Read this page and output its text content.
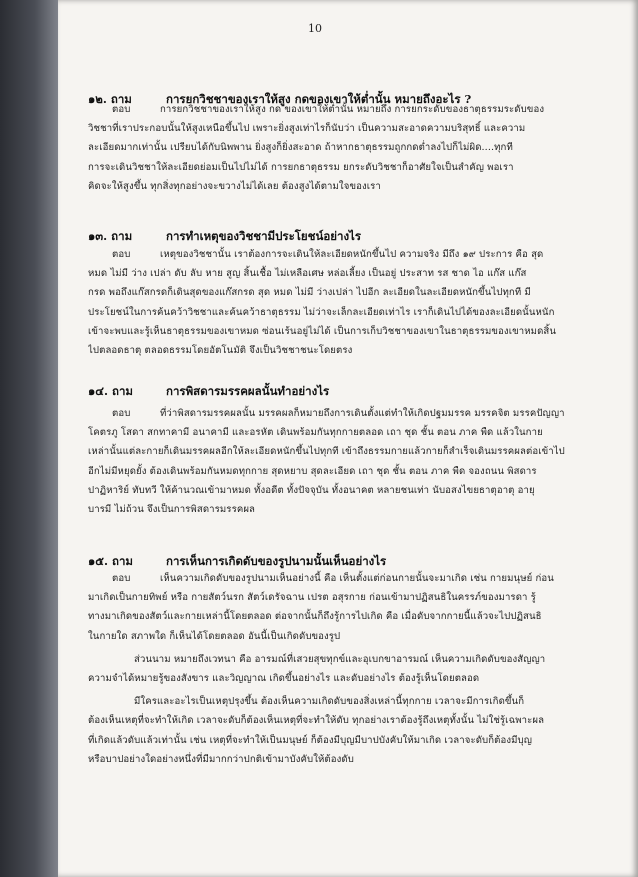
10
๑๒. ถาม	การยกวิชชาของเราให้สูง กดของเขาให้ต่ำนั้น หมายถึงอะไร ?
ตอบ	การยกวิชชาของเราให้สูง กด ของเขาให้ต่ำนั้น หมายถึง การยกระดับของธาตุธรรมระดับของ
วิชชาที่เราประกอบนั้นให้สูงเหนือขึ้นไป เพราะยิ่งสูงเท่าไรก็นับว่า เป็นความสะอาดความบริสุทธิ์ และความ
ละเอียดมากเท่านั้น เปรียบได้กับนิพพาน ยิ่งสูงก็ยิ่งสะอาด ถ้าหากธาตุธรรมถูกกดต่ำลงไปก็ไม่ผิด....ทุกที
การจะเดินวิชชาให้ละเอียดย่อมเป็นไปไม่ได้ การยกธาตุธรรม ยกระดับวิชชาก็อาศัยใจเป็นสำคัญ พอเรา
คิดจะให้สูงขึ้น ทุกสิ่งทุกอย่างจะขวางไม่ได้เลย ต้องสูงได้ตามใจของเรา
๑๓. ถาม	การทำเหตุของวิชชามีประโยชน์อย่างไร
ตอบ	เหตุของวิชชานั้น เราต้องการจะเดินให้ละเอียดหนักขึ้นไป ความจริง มีถึง ๑๙ ประการ คือ สุด
หมด ไม่มี ว่าง เปล่า ดับ ลับ หาย สูญ สิ้นเชื้อ ไม่เหลือเศษ หล่อเลี้ยง เป็นอยู่ ประสาท รส ชาด ไอ แก๊ส แก๊ส
กรด พอถึงแก๊สกรดก็เดินสุดของแก๊สกรด สุด หมด ไม่มี ว่างเปล่า ไปอีก ละเอียดในละเอียดหนักขึ้นไปทุกที มี
ประโยชน์ในการค้นคว้าวิชชาและค้นคว้าธาตุธรรม ไม่ว่าจะเล็กละเอียดเท่าไร เราก็เดินไปได้ของละเอียดนั้นหนัก
เข้าจะพบและรู้เห็นธาตุธรรมของเขาหมด ซ่อนเร้นอยู่ไม่ได้ เป็นการเก็บวิชชาของเขาในธาตุธรรมของเขาหมดสิ้น
ไปตลอดธาตุ ตลอดธรรมโดยอัตโนมัติ จึงเป็นวิชชาชนะโดยตรง
๑๔. ถาม	การพิสดารมรรคผลนั้นทำอย่างไร
ตอบ	ที่ว่าพิสดารมรรคผลนั้น มรรคผลก็หมายถึงการเดินตั้งแต่ทำให้เกิดปฐมมรรค มรรคจิต มรรคปัญญา
โคตรภู โสดา สกทาคามี อนาคามี และอรหัต เดินพร้อมกันทุกกายตลอด เถา ชุด ชั้น ตอน ภาค พืด แล้วในกาย
เหล่านั้นแต่ละกายก็เดินมรรคผลอีกให้ละเอียดหนักขึ้นไปทุกที เข้าถึงธรรมกายแล้วกายก็สำเร็จเดินมรรคผลต่อเข้าไป
อีกไม่มีหยุดยั้ง ต้องเดินพร้อมกันหมดทุกกาย สุดหยาบ สุดละเอียด เถา ชุด ชั้น ตอน ภาค พืด จองถนน พิสดาร
ปาฏิหาริย์ ทับทวี ให้ค้านวณเข้ามาหมด ทั้งอดีต ทั้งปัจจุบัน ทั้งอนาคต หลายชนเท่า นับอสงไขยธาตุอาตุ อายุ
บารมี ไม่ถ้วน จึงเป็นการพิสดารมรรคผล
๑๕. ถาม	การเห็นการเกิดดับของรูปนามนั้นเห็นอย่างไร
ตอบ	เห็นความเกิดดับของรูปนามเห็นอย่างนี้ คือ เห็นตั้งแต่ก่อนกายนั้นจะมาเกิด เช่น กายมนุษย์ ก่อน
มาเกิดเป็นกายทิพย์ หรือ กายสัตว์นรก สัตว์เดรัจฉาน เปรต อสุรกาย ก่อนเข้ามาปฏิสนธิในครรภ์ของมารดา รู้
ทางมาเกิดของสัตว์และกายเหล่านี้โดยตลอด ต่อจากนั้นก็ถึงรู้การไปเกิด คือ เมื่อดับจากกายนี้แล้วจะไปปฏิสนธิ
ในกายใด สภาพใด ก็เห็นได้โดยตลอด อันนี้เป็นเกิดดับของรูป
ส่วนนาม หมายถึงเวทนา คือ อารมณ์ที่เสวยสุขทุกข์และอุเบกขาอารมณ์ เห็นความเกิดดับของสัญญา
ความจำได้หมายรู้ของสังขาร และวิญญาณ เกิดขึ้นอย่างไร และดับอย่างไร ต้องรู้เห็นโดยตลอด
มีใครและอะไรเป็นเหตุปรุงขึ้น ต้องเห็นความเกิดดับของสิ่งเหล่านี้ทุกกาย เวลาจะมีการเกิดขึ้นก็
ต้องเห็นเหตุที่จะทำให้เกิด เวลาจะดับก็ต้องเห็นเหตุที่จะทำให้ดับ ทุกอย่างเราต้องรู้ถึงเหตุทั้งนั้น ไม่ใช่รู้เฉพาะผล
ที่เกิดแล้วดับแล้วเท่านั้น เช่น เหตุที่จะทำให้เป็นมนุษย์ ก็ต้องมีบุญมีบาปบังคับให้มาเกิด เวลาจะดับก็ต้องมีบุญ
หรือบาปอย่างใดอย่างหนึ่งที่มีมากกว่าปกติเข้ามาบังคับให้ต้องดับ
